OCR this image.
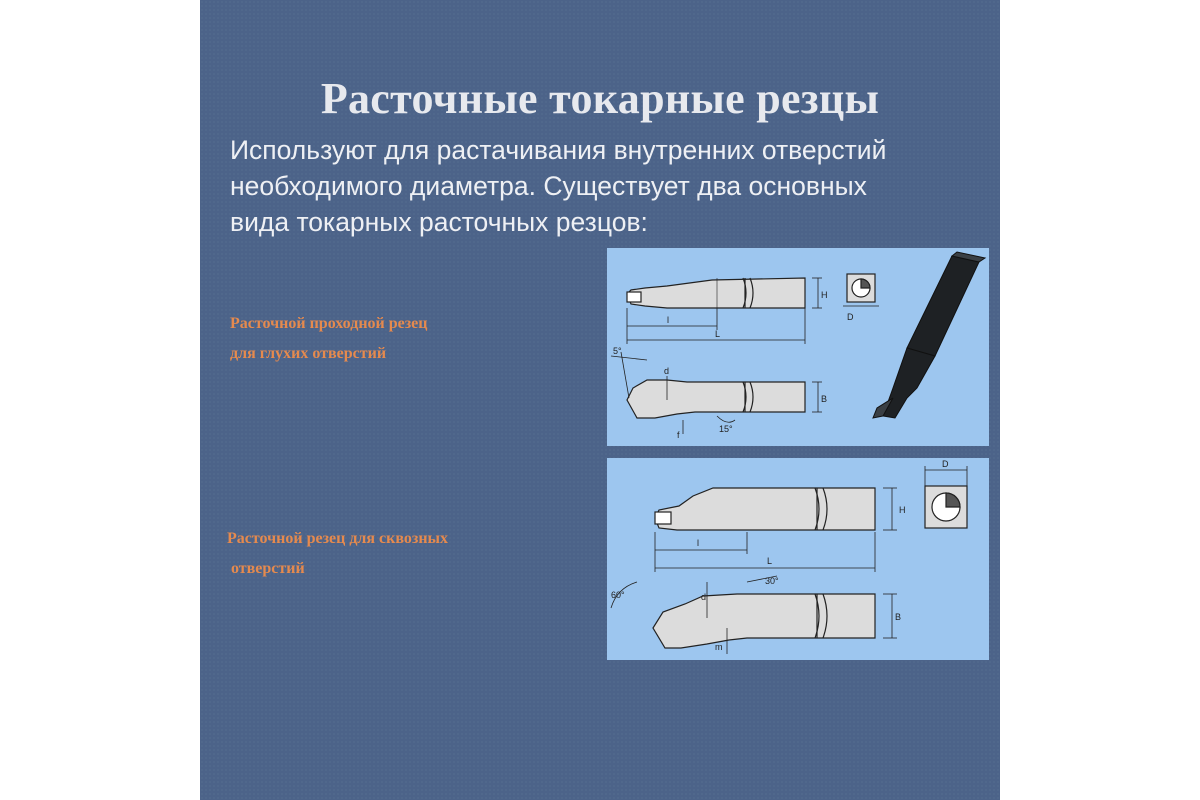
Расточные токарные резцы
Используют для растачивания внутренних отверстий
необходимого диаметра. Существует два основных
вида токарных расточных резцов:
Расточной проходной резец
для глухих отверстий
Расточной резец для сквозных
отверстий
H
l
L
D
B
5°
d
f
15°
H
l
L
D
B
60°
30°
d
m
